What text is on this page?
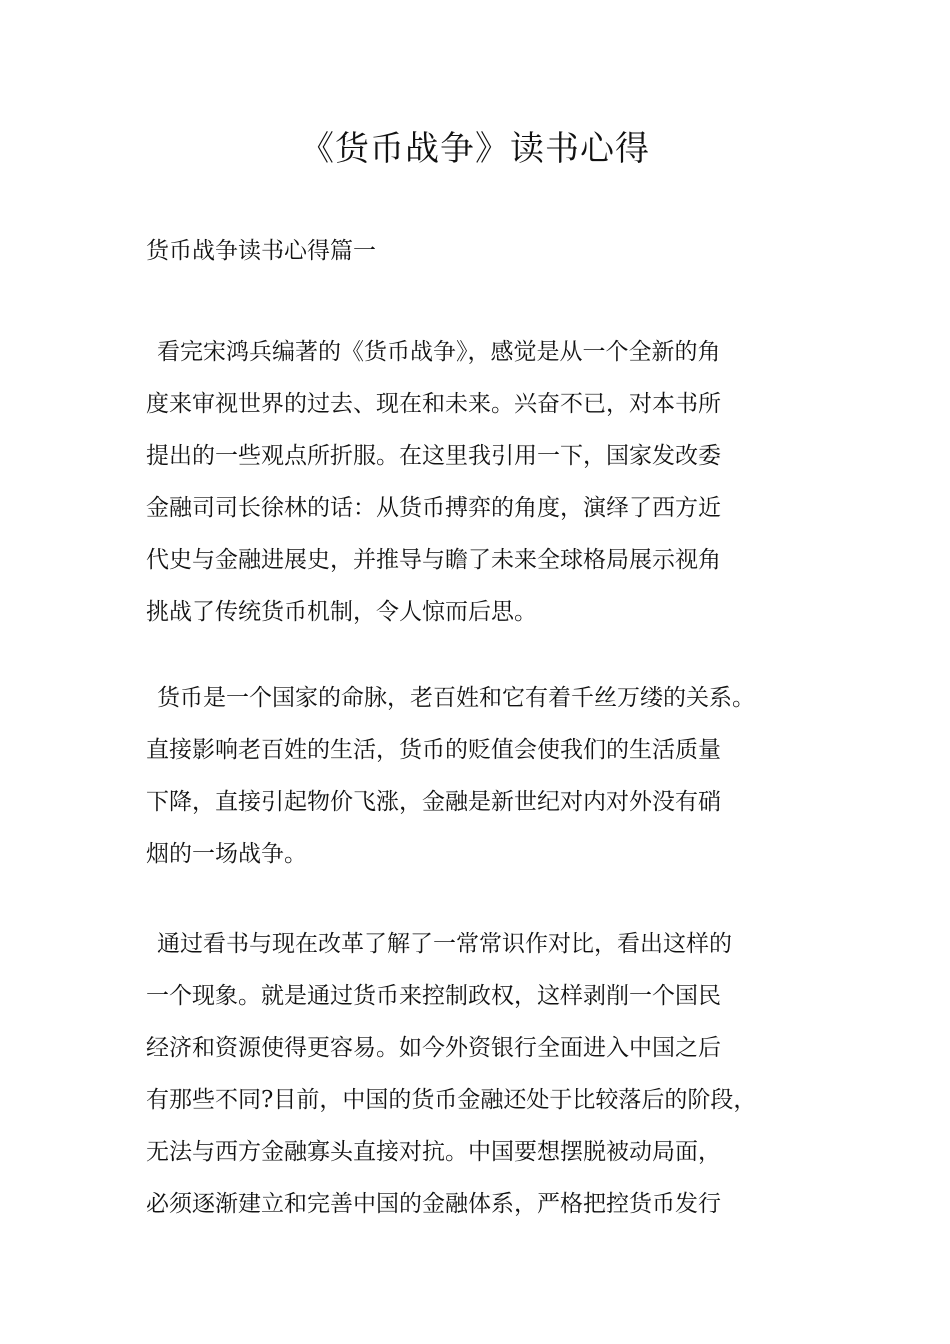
《货币战争》读书心得

货币战争读书心得篇一

看完宋鸿兵编著的《货币战争》，感觉是从一个全新的角
度来审视世界的过去、现在和未来。兴奋不已，对本书所
提出的一些观点所折服。在这里我引用一下，国家发改委
金融司司长徐林的话：从货币搏弈的角度，演绎了西方近
代史与金融进展史，并推导与瞻了未来全球格局展示视角
挑战了传统货币机制，令人惊而后思。
货币是一个国家的命脉，老百姓和它有着千丝万缕的关系。
直接影响老百姓的生活，货币的贬值会使我们的生活质量
下降，直接引起物价飞涨，金融是新世纪对内对外没有硝
烟的一场战争。
通过看书与现在改革了解了一常常识作对比，看出这样的
一个现象。就是通过货币来控制政权，这样剥削一个国民
经济和资源使得更容易。如今外资银行全面进入中国之后
有那些不同?目前，中国的货币金融还处于比较落后的阶段，
无法与西方金融寡头直接对抗。中国要想摆脱被动局面，
必须逐渐建立和完善中国的金融体系，严格把控货币发行
